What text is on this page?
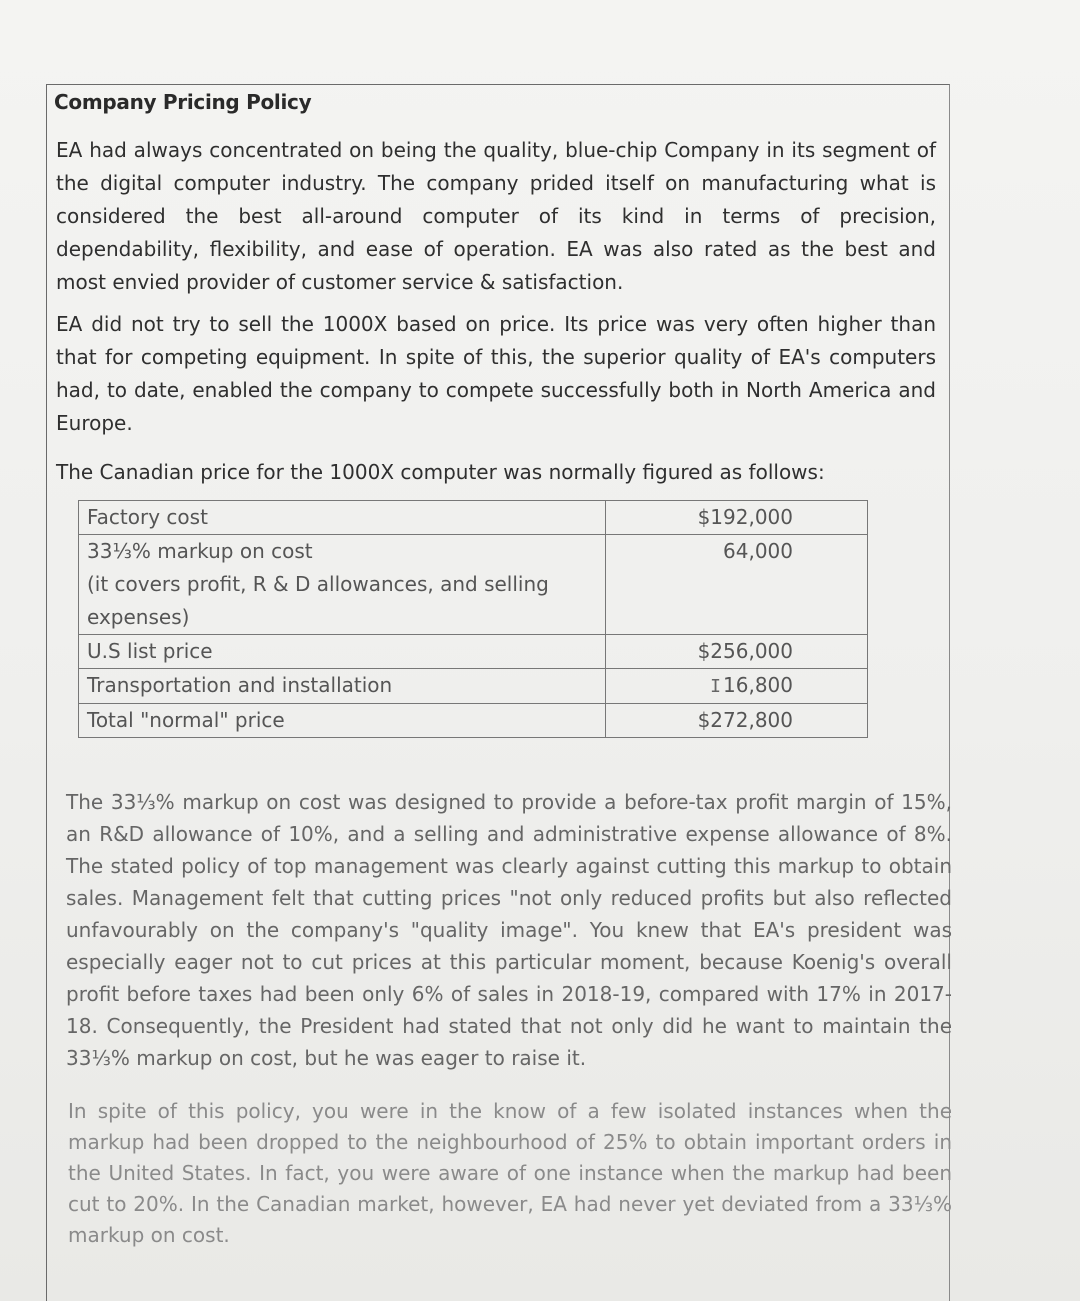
Company Pricing Policy
EA had always concentrated on being the quality, blue-chip Company in its segment of the digital computer industry. The company prided itself on manufacturing what is considered the best all-around computer of its kind in terms of precision, dependability, flexibility, and ease of operation. EA was also rated as the best and most envied provider of customer service & satisfaction.
EA did not try to sell the 1000X based on price. Its price was very often higher than that for competing equipment. In spite of this, the superior quality of EA's computers had, to date, enabled the company to compete successfully both in North America and Europe.
The Canadian price for the 1000X computer was normally figured as follows:
Factory cost	$192,000

33⅓% markup on cost
(it covers profit, R & D allowances, and selling expenses)	64,000
U.S list price	$256,000
Transportation and installation	I 16,800
Total "normal" price	$272,800
The 33⅓% markup on cost was designed to provide a before-tax profit margin of 15%, an R&D allowance of 10%, and a selling and administrative expense allowance of 8%. The stated policy of top management was clearly against cutting this markup to obtain sales. Management felt that cutting prices "not only reduced profits but also reflected unfavourably on the company's "quality image". You knew that EA's president was especially eager not to cut prices at this particular moment, because Koenig's overall profit before taxes had been only 6% of sales in 2018-19, compared with 17% in 2017-18. Consequently, the President had stated that not only did he want to maintain the 33⅓% markup on cost, but he was eager to raise it.
In spite of this policy, you were in the know of a few isolated instances when the markup had been dropped to the neighbourhood of 25% to obtain important orders in the United States. In fact, you were aware of one instance when the markup had been cut to 20%. In the Canadian market, however, EA had never yet deviated from a 33⅓% markup on cost.
